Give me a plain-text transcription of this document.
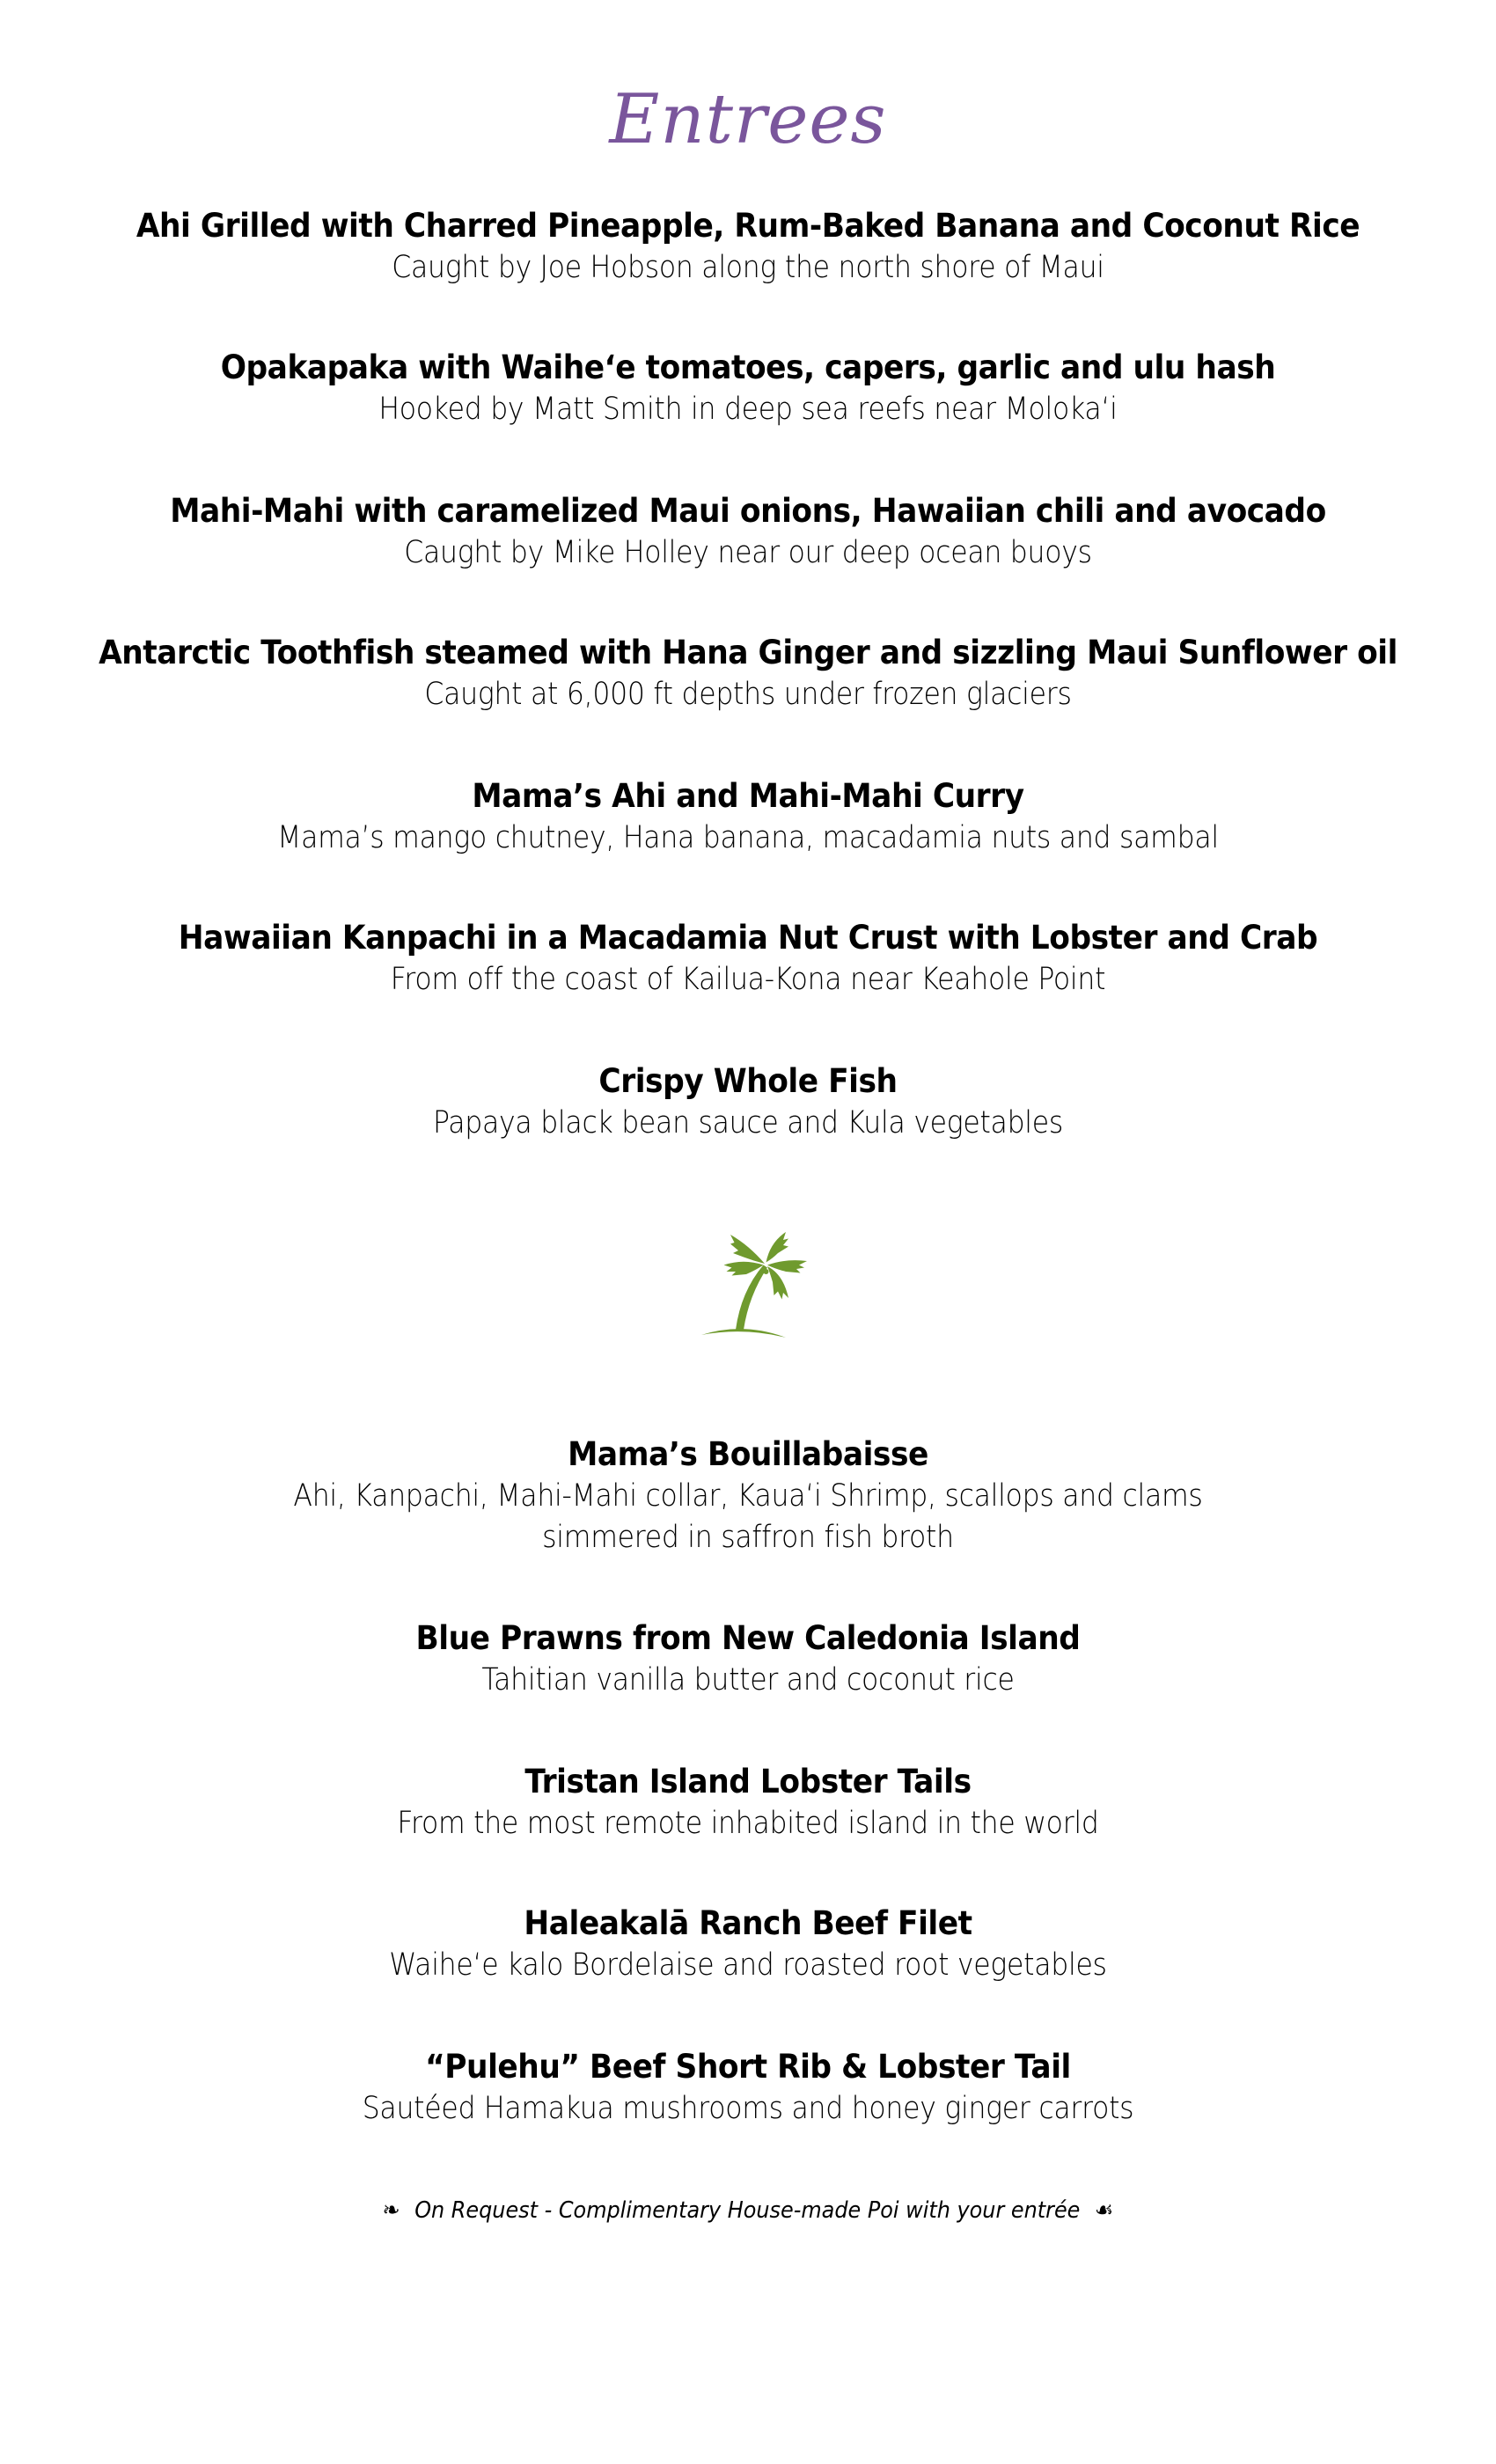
Entrees
Ahi Grilled with Charred Pineapple, Rum-Baked Banana and Coconut Rice
Caught by Joe Hobson along the north shore of Maui
Opakapaka with Waihe‘e tomatoes, capers, garlic and ulu hash
Hooked by Matt Smith in deep sea reefs near Moloka‘i
Mahi-Mahi with caramelized Maui onions, Hawaiian chili and avocado
Caught by Mike Holley near our deep ocean buoys
Antarctic Toothfish steamed with Hana Ginger and sizzling Maui Sunflower oil
Caught at 6,000 ft depths under frozen glaciers
Mama’s Ahi and Mahi-Mahi Curry
Mama’s mango chutney, Hana banana, macadamia nuts and sambal
Hawaiian Kanpachi in a Macadamia Nut Crust with Lobster and Crab
From off the coast of Kailua-Kona near Keahole Point
Crispy Whole Fish
Papaya black bean sauce and Kula vegetables
Mama’s Bouillabaisse
Ahi, Kanpachi, Mahi-Mahi collar, Kaua‘i Shrimp, scallops and clams
simmered in saffron fish broth
Blue Prawns from New Caledonia Island
Tahitian vanilla butter and coconut rice
Tristan Island Lobster Tails
From the most remote inhabited island in the world
Haleakalā Ranch Beef Filet
Waihe‘e kalo Bordelaise and roasted root vegetables
“Pulehu” Beef Short Rib & Lobster Tail
Sautéed Hamakua mushrooms and honey ginger carrots
❧ On Request - Complimentary House-made Poi with your entrée ☙
